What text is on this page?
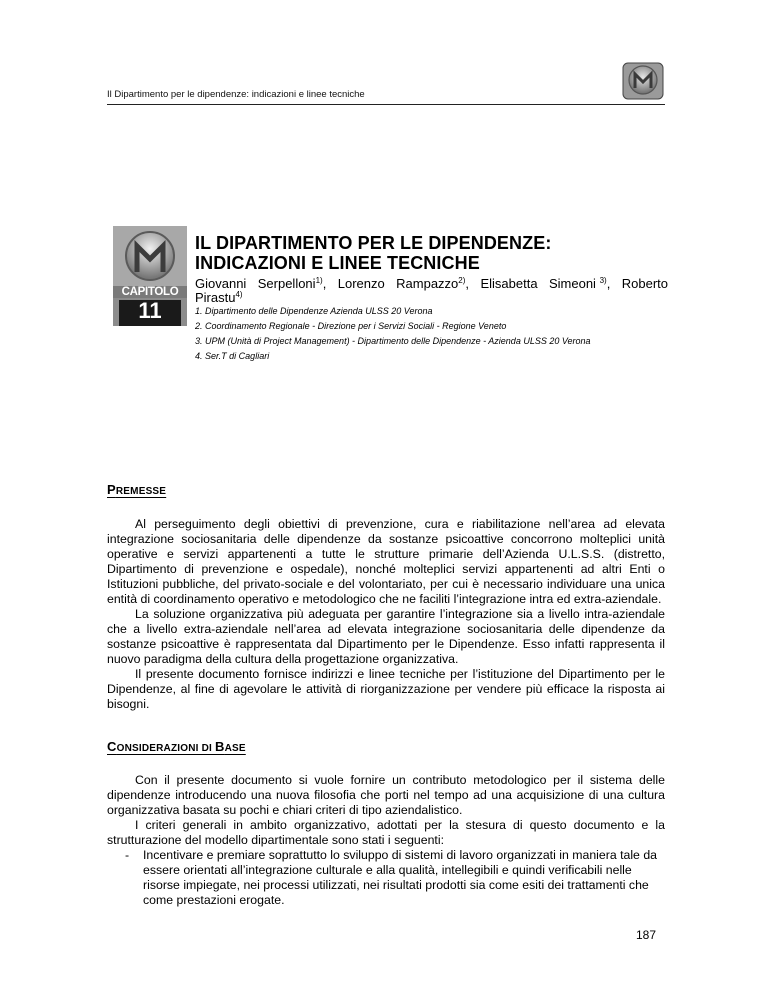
Il Dipartimento per le dipendenze: indicazioni e linee tecniche
CAPITOLO
11
IL DIPARTIMENTO PER LE DIPENDENZE:
INDICAZIONI E LINEE TECNICHE
Giovanni Serpelloni$^{1)}$, Lorenzo Rampazzo$^{2)}$, Elisabetta Simeoni $^{3)}$, Roberto
Pirastu$^{4)}$
1. Dipartimento delle Dipendenze Azienda ULSS 20 Verona
2. Coordinamento Regionale - Direzione per i Servizi Sociali - Regione Veneto
3. UPM (Unità di Project Management) - Dipartimento delle Dipendenze - Azienda ULSS 20 Verona
4. Ser.T di Cagliari
PREMESSE

Al perseguimento degli obiettivi di prevenzione, cura e riabilitazione nell’area ad elevata integrazione sociosanitaria delle dipendenze da sostanze psicoattive concorrono molteplici unità operative e servizi appartenenti a tutte le strutture primarie dell’Azienda U.L.S.S. (distretto, Dipartimento di prevenzione e ospedale), nonché molteplici servizi appartenenti ad altri Enti o Istituzioni pubbliche, del privato-sociale e del volontariato, per cui è necessario individuare una unica entità di coordinamento operativo e metodologico che ne faciliti l’integrazione intra ed extra-aziendale.

La soluzione organizzativa più adeguata per garantire l’integrazione sia a livello intra-aziendale che a livello extra-aziendale nell’area ad elevata integrazione sociosanitaria delle dipendenze da sostanze psicoattive è rappresentata dal Dipartimento per le Dipendenze. Esso infatti rappresenta il nuovo paradigma della cultura della progettazione organizzativa.

Il presente documento fornisce indirizzi e linee tecniche per l’istituzione del Dipartimento per le Dipendenze, al fine di agevolare le attività di riorganizzazione per vendere più efficace la risposta ai bisogni.

CONSIDERAZIONI DI BASE

Con il presente documento si vuole fornire un contributo metodologico per il sistema delle dipendenze introducendo una nuova filosofia che porti nel tempo ad una acquisizione di una cultura organizzativa basata su pochi e chiari criteri di tipo aziendalistico.

I criteri generali in ambito organizzativo, adottati per la stesura di questo documento e la strutturazione del modello dipartimentale sono stati i seguenti:

- Incentivare e premiare soprattutto lo sviluppo di sistemi di lavoro organizzati in maniera tale da essere orientati all’integrazione culturale e alla qualità, intellegibili e quindi verificabili nelle risorse impiegate, nei processi utilizzati, nei risultati prodotti sia come esiti dei trattamenti che come prestazioni erogate.
187
